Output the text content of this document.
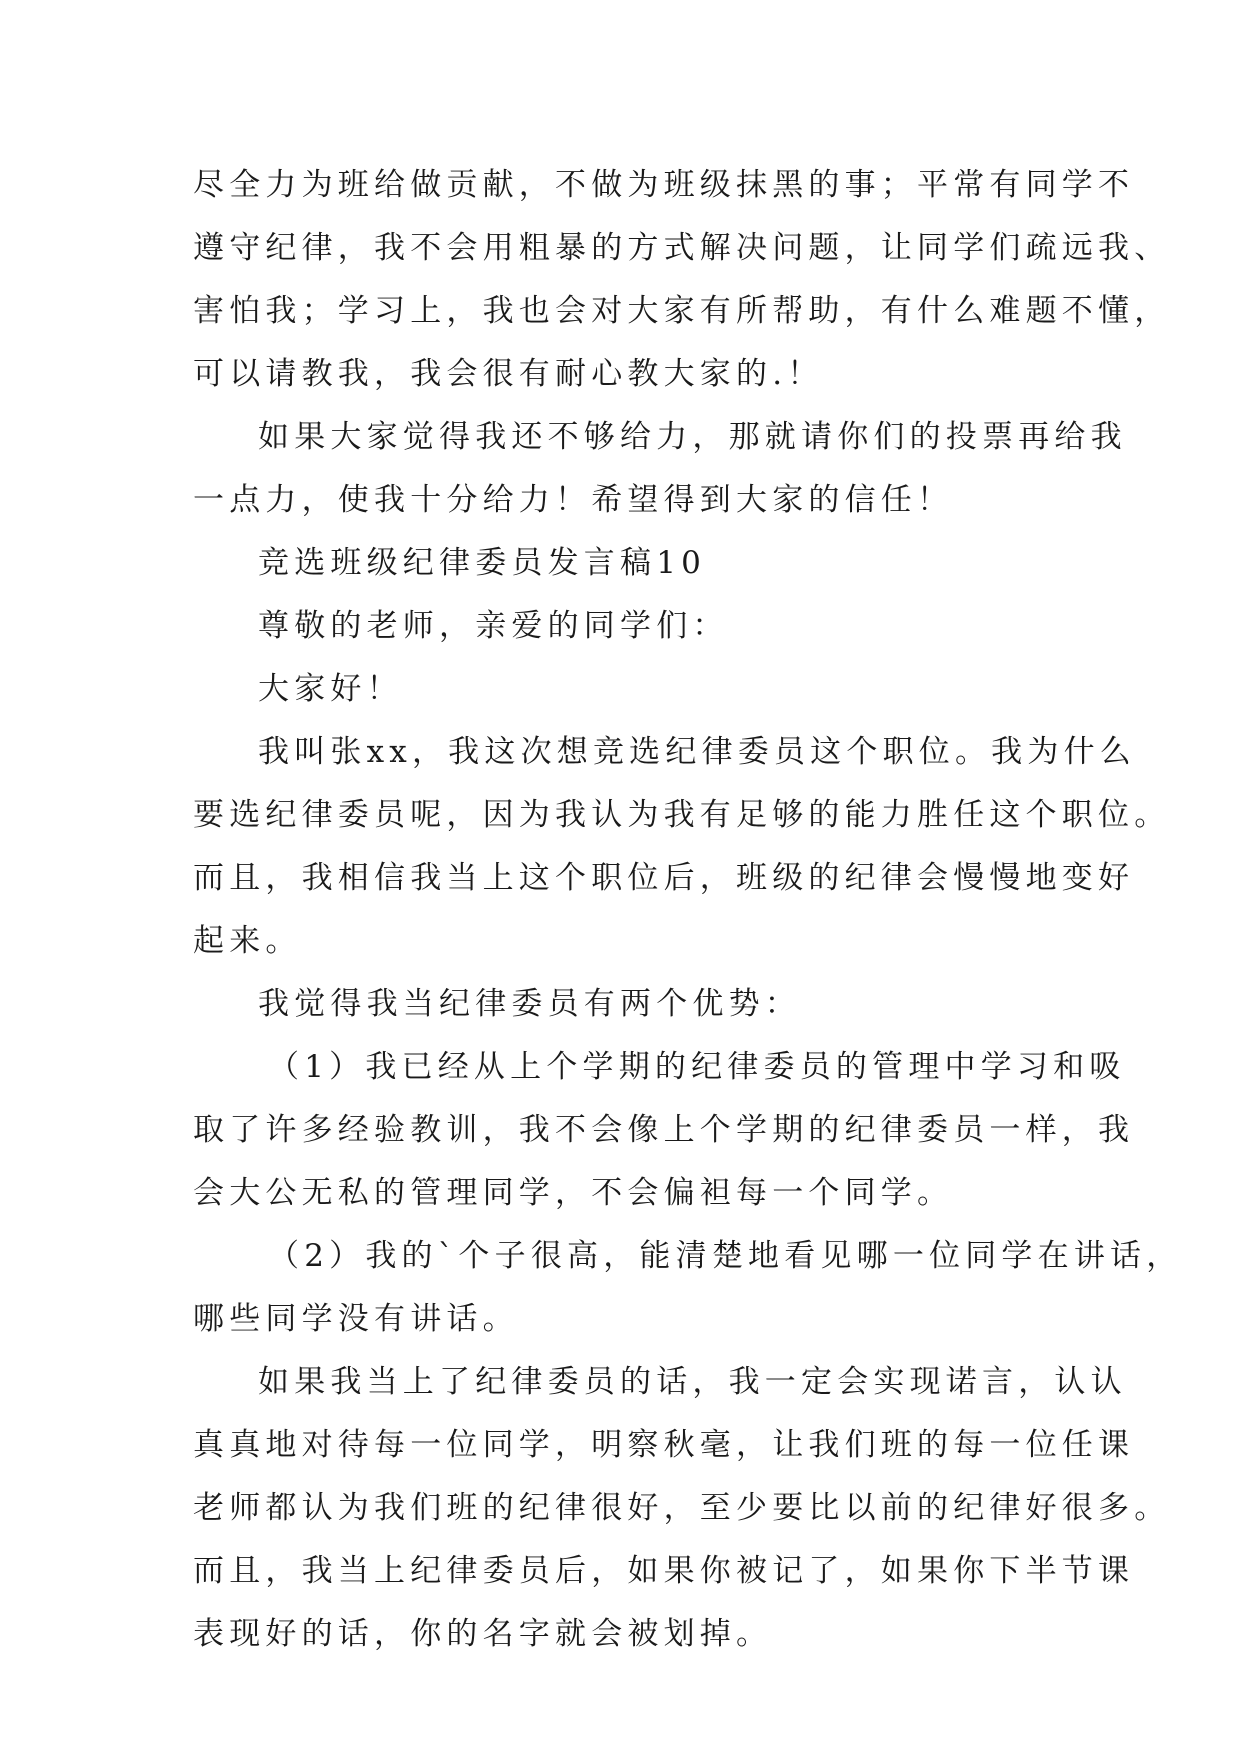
尽全力为班给做贡献，不做为班级抹黑的事；平常有同学不
遵守纪律，我不会用粗暴的方式解决问题，让同学们疏远我、
害怕我；学习上，我也会对大家有所帮助，有什么难题不懂，
可以请教我，我会很有耐心教大家的.！
如果大家觉得我还不够给力，那就请你们的投票再给我
一点力，使我十分给力！希望得到大家的信任！
竞选班级纪律委员发言稿10
尊敬的老师，亲爱的同学们：
大家好！
我叫张xx，我这次想竞选纪律委员这个职位。我为什么
要选纪律委员呢，因为我认为我有足够的能力胜任这个职位。
而且，我相信我当上这个职位后，班级的纪律会慢慢地变好
起来。
我觉得我当纪律委员有两个优势：
（1）我已经从上个学期的纪律委员的管理中学习和吸
取了许多经验教训，我不会像上个学期的纪律委员一样，我
会大公无私的管理同学，不会偏袒每一个同学。
（2）我的`个子很高，能清楚地看见哪一位同学在讲话，
哪些同学没有讲话。
如果我当上了纪律委员的话，我一定会实现诺言，认认
真真地对待每一位同学，明察秋毫，让我们班的每一位任课
老师都认为我们班的纪律很好，至少要比以前的纪律好很多。
而且，我当上纪律委员后，如果你被记了，如果你下半节课
表现好的话，你的名字就会被划掉。
